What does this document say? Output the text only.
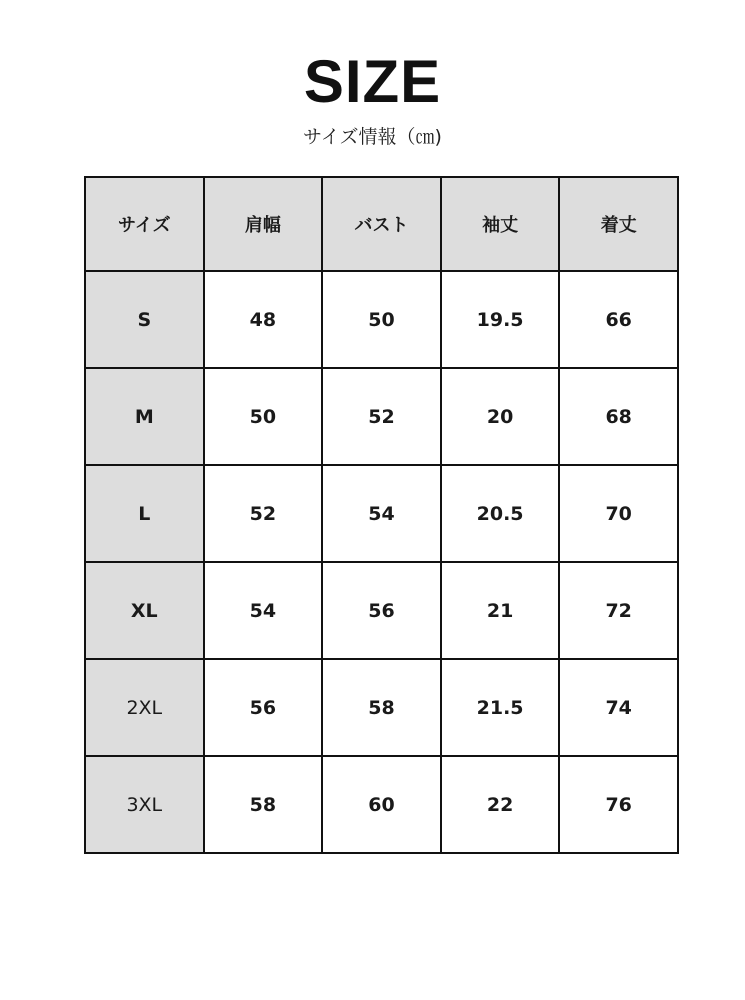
SIZE
サイズ情報（㎝)
サイズ	肩幅	バスト	袖丈	着丈
S	48	50	19.5	66
M	50	52	20	68
L	52	54	20.5	70
XL	54	56	21	72
2XL	56	58	21.5	74
3XL	58	60	22	76
